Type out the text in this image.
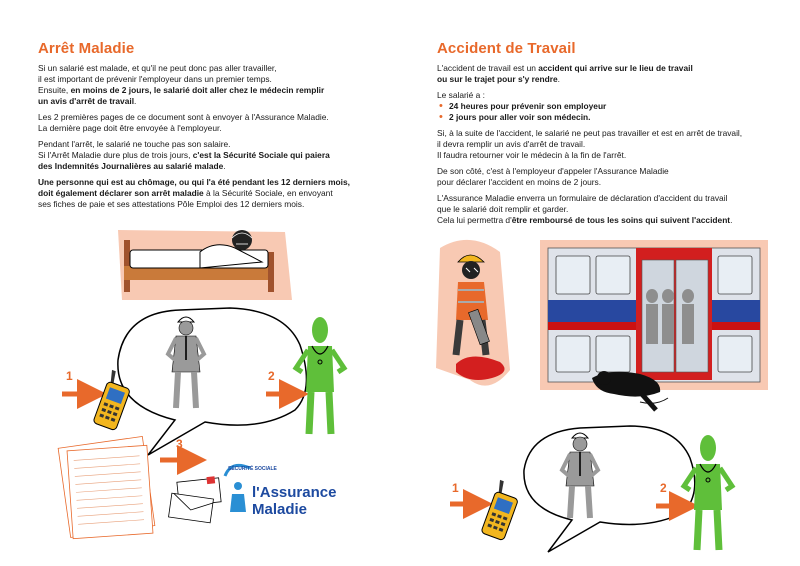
Arrêt Maladie

Si un salarié est malade, et qu'il ne peut donc pas aller travailler,
il est important de prévenir l'employeur dans un premier temps.
Ensuite, en moins de 2 jours, le salarié doit aller chez le médecin remplir
un avis d'arrêt de travail.

Les 2 premières pages de ce document sont à envoyer à l'Assurance Maladie.
La dernière page doit être envoyée à l'employeur.

Pendant l'arrêt, le salarié ne touche pas son salaire.
Si l'Arrêt Maladie dure plus de trois jours, c'est la Sécurité Sociale qui paiera
des Indemnités Journalières au salarié malade.

Une personne qui est au chômage, ou qui l'a été pendant les 12 derniers mois,
doit également déclarer son arrêt maladie à la Sécurité Sociale, en envoyant
ses fiches de paie et ses attestations Pôle Emploi des 12 derniers mois.

Accident de Travail

L'accident de travail est un accident qui arrive sur le lieu de travail
ou sur le trajet pour s'y rendre.

Le salarié a :

• 24 heures pour prévenir son employeur
• 2 jours pour aller voir son médecin.

Si, à la suite de l'accident, le salarié ne peut pas travailler et est en arrêt de travail,
il devra remplir un avis d'arrêt de travail.
Il faudra retourner voir le médecin à la fin de l'arrêt.

De son côté, c'est à l'employeur d'appeler l'Assurance Maladie
pour déclarer l'accident en moins de 2 jours.

L'Assurance Maladie enverra un formulaire de déclaration d'accident du travail
que le salarié doit remplir et garder.
Cela lui permettra d'être remboursé de tous les soins qui suivent l'accident.

1	2
3
SÉCURITÉ SOCIALE
l'Assurance
Maladie
1	2
